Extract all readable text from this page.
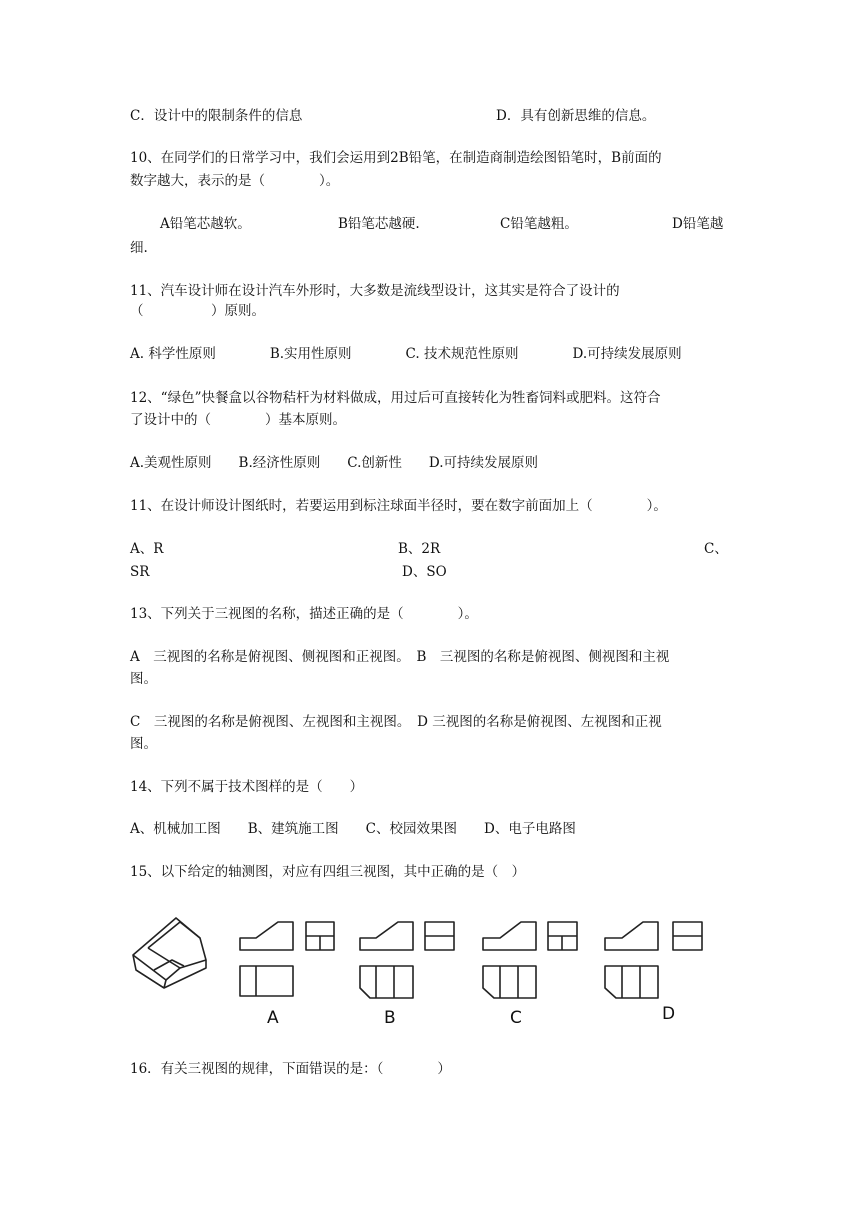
C．设计中的限制条件的信息	D．具有创新思维的信息。
10、在同学们的日常学习中，我们会运用到2B铅笔，在制造商制造绘图铅笔时，B前面的
数字越大，表示的是（　　　　）。
A铅笔芯越软。	B铅笔芯越硬.	C铅笔越粗。	D铅笔越
细.
11、汽车设计师在设计汽车外形时，大多数是流线型设计，这其实是符合了设计的
（　　　　　）原则。
A. 科学性原则　　　　B.实用性原则　　　　C. 技术规范性原则　　　　D.可持续发展原则
12、“绿色”快餐盒以谷物秸杆为材料做成，用过后可直接转化为牲畜饲料或肥料。这符合
了设计中的（　　　　）基本原则。
A.美观性原则　　B.经济性原则　　C.创新性　　D.可持续发展原则
11、在设计师设计图纸时，若要运用到标注球面半径时，要在数字前面加上（　　　　）。
A、R	B、2R	C、
SR	D、SO
13、下列关于三视图的名称，描述正确的是（　　　　）。
A　三视图的名称是俯视图、侧视图和正视图。　B　三视图的名称是俯视图、侧视图和主视
图。
C　三视图的名称是俯视图、左视图和主视图。　D 三视图的名称是俯视图、左视图和正视
图。
14、下列不属于技术图样的是（　　）
A、机械加工图　　B、建筑施工图　　C、校园效果图　　D、电子电路图
15、以下给定的轴测图，对应有四组三视图，其中正确的是（　）
A	B	C	D
16．有关三视图的规律，下面错误的是：（　　　　）
